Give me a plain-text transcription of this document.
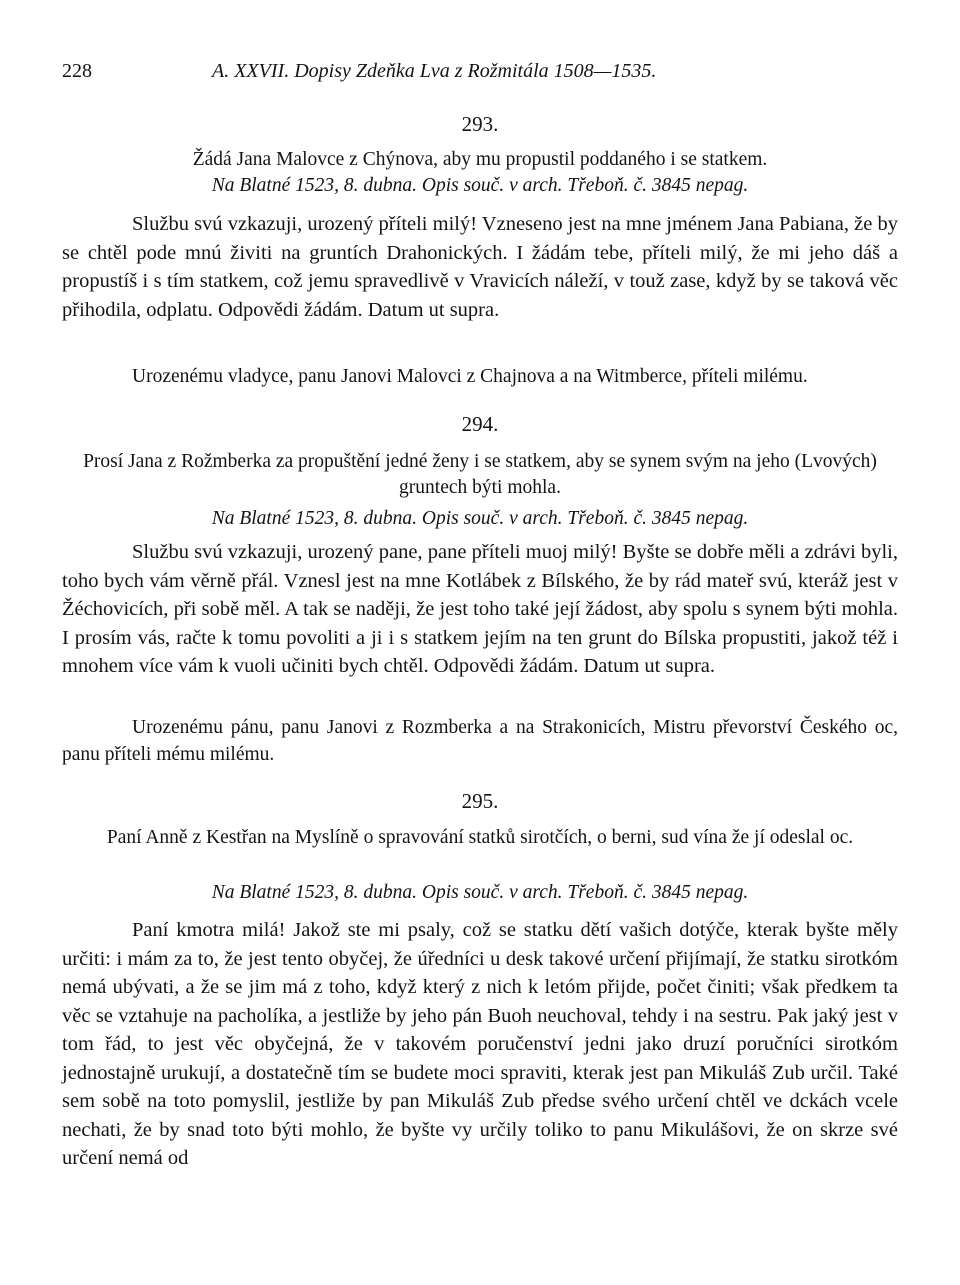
228	A. XXVII. Dopisy Zdeňka Lva z Rožmitála 1508—1535.
293.
Žádá Jana Malovce z Chýnova, aby mu propustil poddaného i se statkem.
Na Blatné 1523, 8. dubna. Opis souč. v arch. Třeboň. č. 3845 nepag.
Službu svú vzkazuji, urozený příteli milý! Vzneseno jest na mne jménem Jana Pabiana, že by se chtěl pode mnú živiti na gruntích Drahonických. I žádám tebe, příteli milý, že mi jeho dáš a propustíš i s tím statkem, což jemu spravedlivě v Vravicích náleží, v touž zase, když by se taková věc přihodila, odplatu. Odpovědi žádám. Datum ut supra.
Urozenému vladyce, panu Janovi Malovci z Chajnova a na Witmberce, příteli milému.
294.
Prosí Jana z Rožmberka za propuštění jedné ženy i se statkem, aby se synem svým na jeho (Lvových) gruntech býti mohla.
Na Blatné 1523, 8. dubna. Opis souč. v arch. Třeboň. č. 3845 nepag.
Službu svú vzkazuji, urozený pane, pane příteli muoj milý! Byšte se dobře měli a zdrávi byli, toho bych vám věrně přál. Vznesl jest na mne Kotlábek z Bílského, že by rád mateř svú, kteráž jest v Žéchovicích, při sobě měl. A tak se naději, že jest toho také její žádost, aby spolu s synem býti mohla. I prosím vás, račte k tomu povoliti a ji i s statkem jejím na ten grunt do Bílska propustiti, jakož též i mnohem více vám k vuoli učiniti bych chtěl. Odpovědi žádám. Datum ut supra.
Urozenému pánu, panu Janovi z Rozmberka a na Strakonicích, Mistru převorství Českého oc, panu příteli mému milému.
295.
Paní Anně z Kestřan na Myslíně o spravování statků sirotčích, o berni, sud vína že jí odeslal oc.
Na Blatné 1523, 8. dubna. Opis souč. v arch. Třeboň. č. 3845 nepag.
Paní kmotra milá! Jakož ste mi psaly, což se statku dětí vašich dotýče, kterak byšte měly určiti: i mám za to, že jest tento obyčej, že úředníci u desk takové určení přijímají, že statku sirotkóm nemá ubývati, a že se jim má z toho, když který z nich k letóm přijde, počet činiti; však předkem ta věc se vztahuje na pacholíka, a jestliže by jeho pán Buoh neuchoval, tehdy i na sestru. Pak jaký jest v tom řád, to jest věc obyčejná, že v takovém poručenství jedni jako druzí poručníci sirotkóm jednostajně urukují, a dostatečně tím se budete moci spraviti, kterak jest pan Mikuláš Zub určil. Také sem sobě na toto pomyslil, jestliže by pan Mikuláš Zub předse svého určení chtěl ve dckách vcele nechati, že by snad toto býti mohlo, že byšte vy určily toliko to panu Mikulášovi, že on skrze své určení nemá od
